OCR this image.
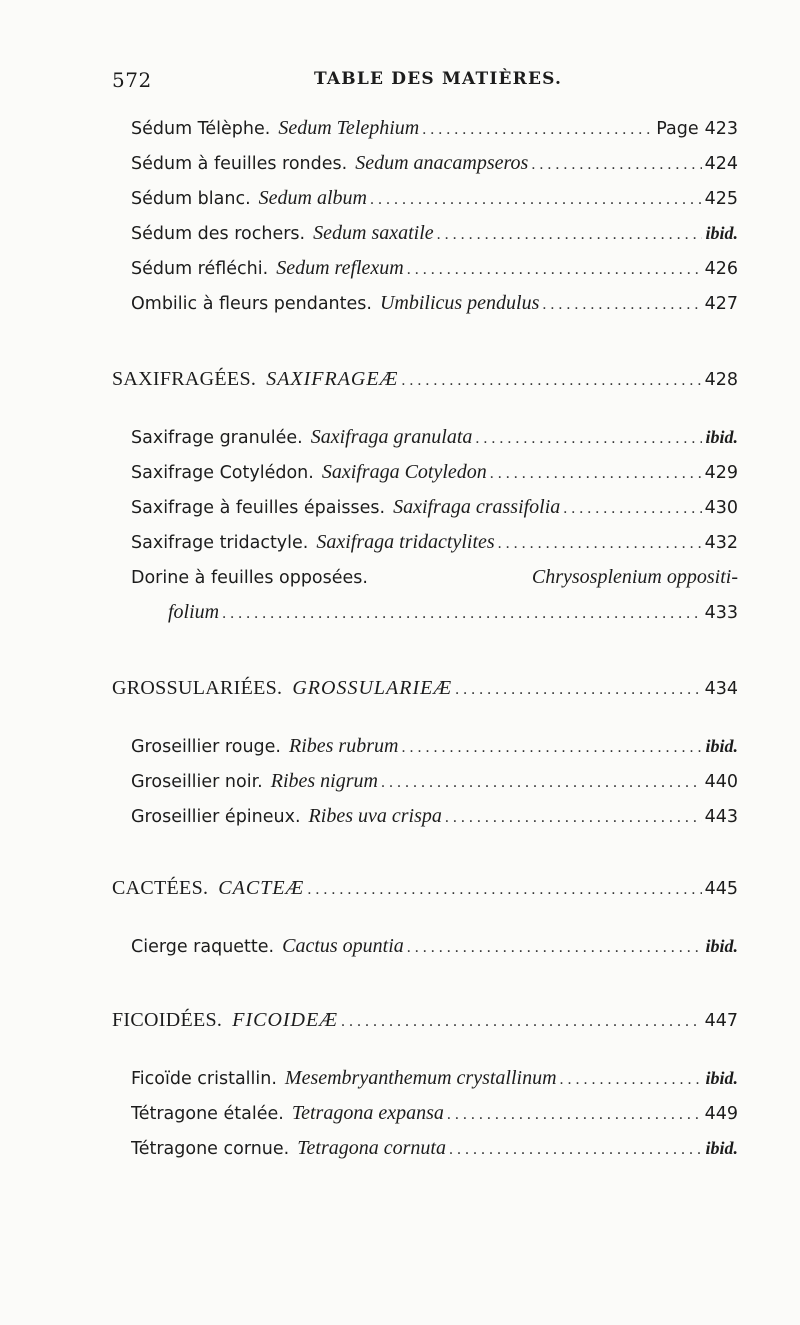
572	TABLE DES MATIÈRES.
Sédum Télèphe. Sedum Telephium . . .	Page 423
Sédum à feuilles rondes. Sedum anacampseros . . .	424
Sédum blanc. Sedum album . . .	425
Sédum des rochers. Sedum saxatile . . .	ibid.
Sédum réfléchi. Sedum reflexum . . .	426
Ombilic à fleurs pendantes. Umbilicus pendulus . . .	427
SAXIFRAGÉES. SAXIFRAGEÆ . . .	428
Saxifrage granulée. Saxifraga granulata . . .	ibid.
Saxifrage Cotylédon. Saxifraga Cotyledon . . .	429
Saxifrage à feuilles épaisses. Saxifraga crassifolia . . .	430
Saxifrage tridactyle. Saxifraga tridactylites . . .	432
Dorine à feuilles opposées.	Chrysosplenium oppositi-
folium . . .	433
GROSSULARIÉES. GROSSULARIEÆ . . .	434
Groseillier rouge. Ribes rubrum . . .	ibid.
Groseillier noir. Ribes nigrum . . .	440
Groseillier épineux. Ribes uva crispa . . .	443
CACTÉES. CACTEÆ . . .	445
Cierge raquette. Cactus opuntia . . .	ibid.
FICOIDÉES. FICOIDEÆ . . .	447
Ficoïde cristallin. Mesembryanthemum crystallinum . . .	ibid.
Tétragone étalée. Tetragona expansa . . .	449
Tétragone cornue. Tetragona cornuta . . .	ibid.
